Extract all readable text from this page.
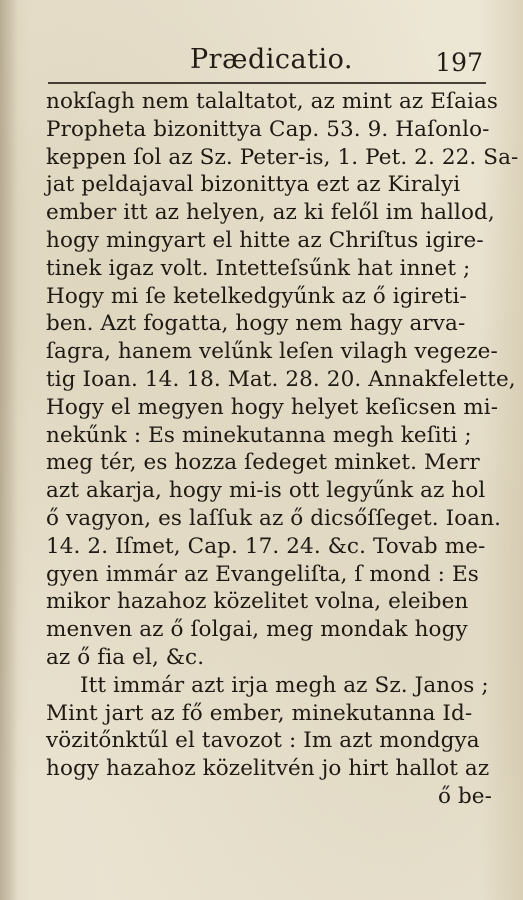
Prædicatio.	197
nokſagh nem talaltatot, az mint az Eſaias
Propheta bizonittya Cap. 53. 9. Haſonlo-
keppen ſol az Sz. Peter-is, 1. Pet. 2. 22. Sa-
jat peldajaval bizonittya ezt az Kiralyi
ember itt az helyen, az ki felől im hallod,
hogy mingyart el hitte az Chriſtus igire-
tinek igaz volt. Intetteſsűnk hat innet ;
Hogy mi ſe ketelkedgyűnk az ő igireti-
ben. Azt fogatta, hogy nem hagy arva-
ſagra, hanem velűnk leſen vilagh vegeze-
tig Ioan. 14. 18. Mat. 28. 20. Annakfelette,
Hogy el megyen hogy helyet keſicsen mi-
nekűnk : Es minekutanna megh keſiti ;
meg tér, es hozza ſedeget minket. Merr
azt akarja, hogy mi-is ott legyűnk az hol
ő vagyon, es laſſuk az ő dicsőſſeget. Ioan.
14. 2. Iſmet, Cap. 17. 24. &c. Tovab me-
gyen immár az Evangeliſta, ſ mond : Es
mikor hazahoz közelitet volna, eleiben
menven az ő ſolgai, meg mondak hogy
az ő fia el, &c.
Itt immár azt irja megh az Sz. Janos ;
Mint jart az fő ember, minekutanna Id-
vözitőnktűl el tavozot : Im azt mondgya
hogy hazahoz közelitvén jo hirt hallot az
ő be-
